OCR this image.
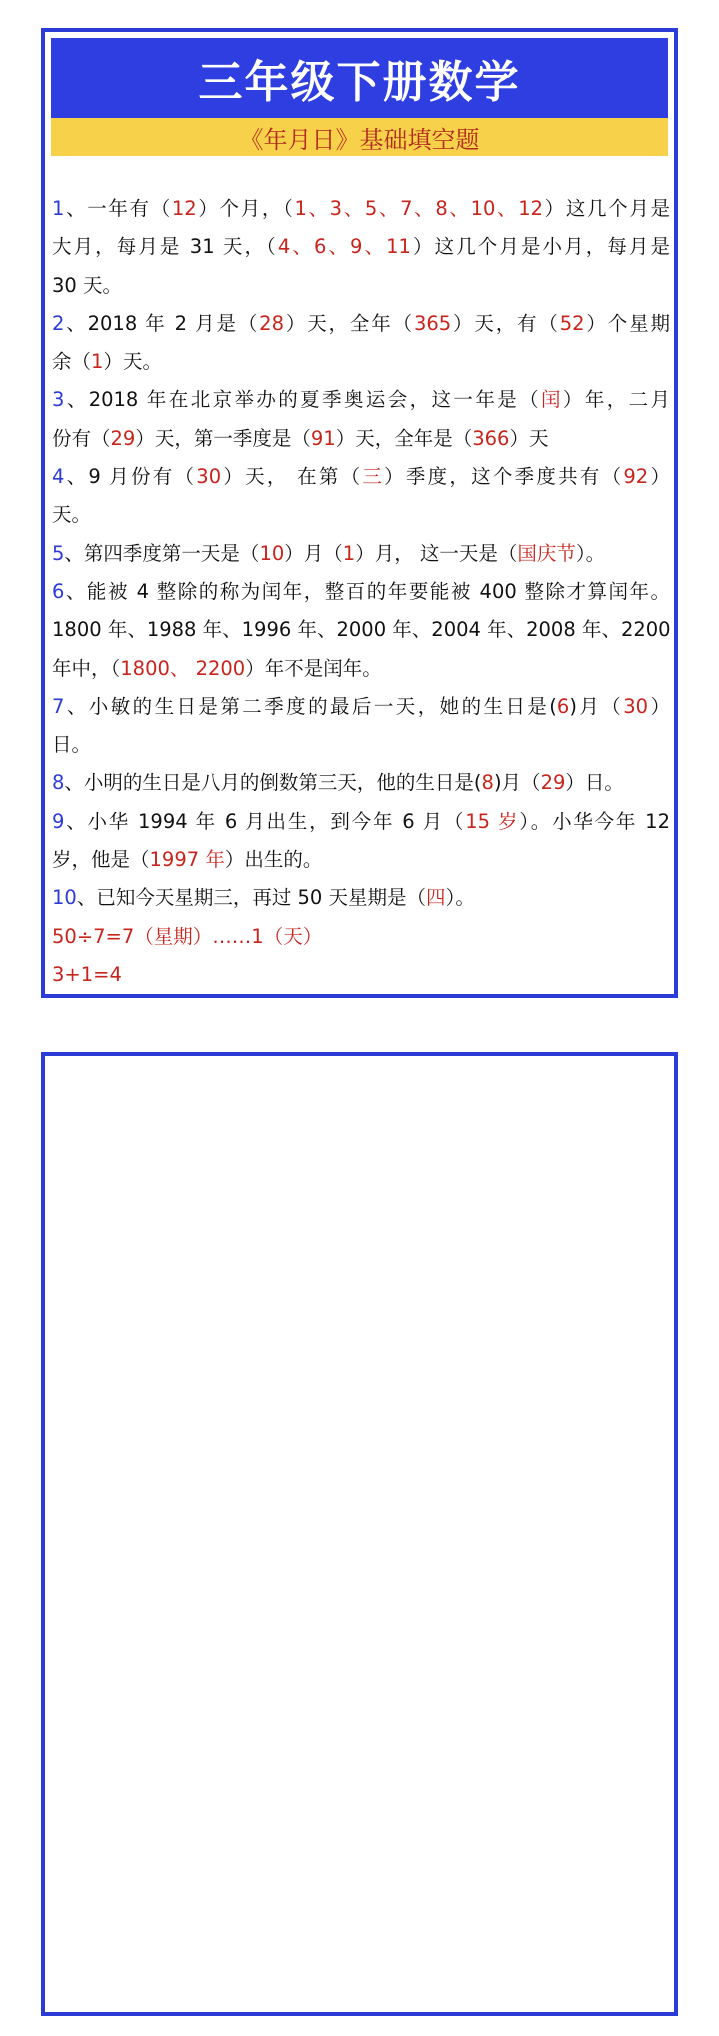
三年级下册数学
《年月日》基础填空题
1、一年有（12）个月，（1、3、5、7、8、10、12）这几个月是
大月，每月是 31 天，（4、6、9、11）这几个月是小月，每月是
30 天。
2、2018 年 2 月是（28）天，全年（365）天，有（52）个星期
余（1）天。
3、2018 年在北京举办的夏季奥运会，这一年是（闰）年，二月
份有（29）天，第一季度是（91）天，全年是（366）天
4、9 月份有（30）天， 在第（三）季度，这个季度共有（92）
天。
5、第四季度第一天是（10）月（1）月， 这一天是（国庆节）。
6、能被 4 整除的称为闰年，整百的年要能被 400 整除才算闰年。
1800 年、1988 年、1996 年、2000 年、2004 年、2008 年、2200
年中，（1800、 2200）年不是闰年。
7、小敏的生日是第二季度的最后一天，她的生日是(6)月（30）
日。
8、小明的生日是八月的倒数第三天，他的生日是(8)月（29）日。
9、小华 1994 年 6 月出生，到今年 6 月（15 岁）。小华今年 12
岁，他是（1997 年）出生的。
10、已知今天星期三，再过 50 天星期是（四）。
50÷7=7（星期）……1（天）
3+1=4
